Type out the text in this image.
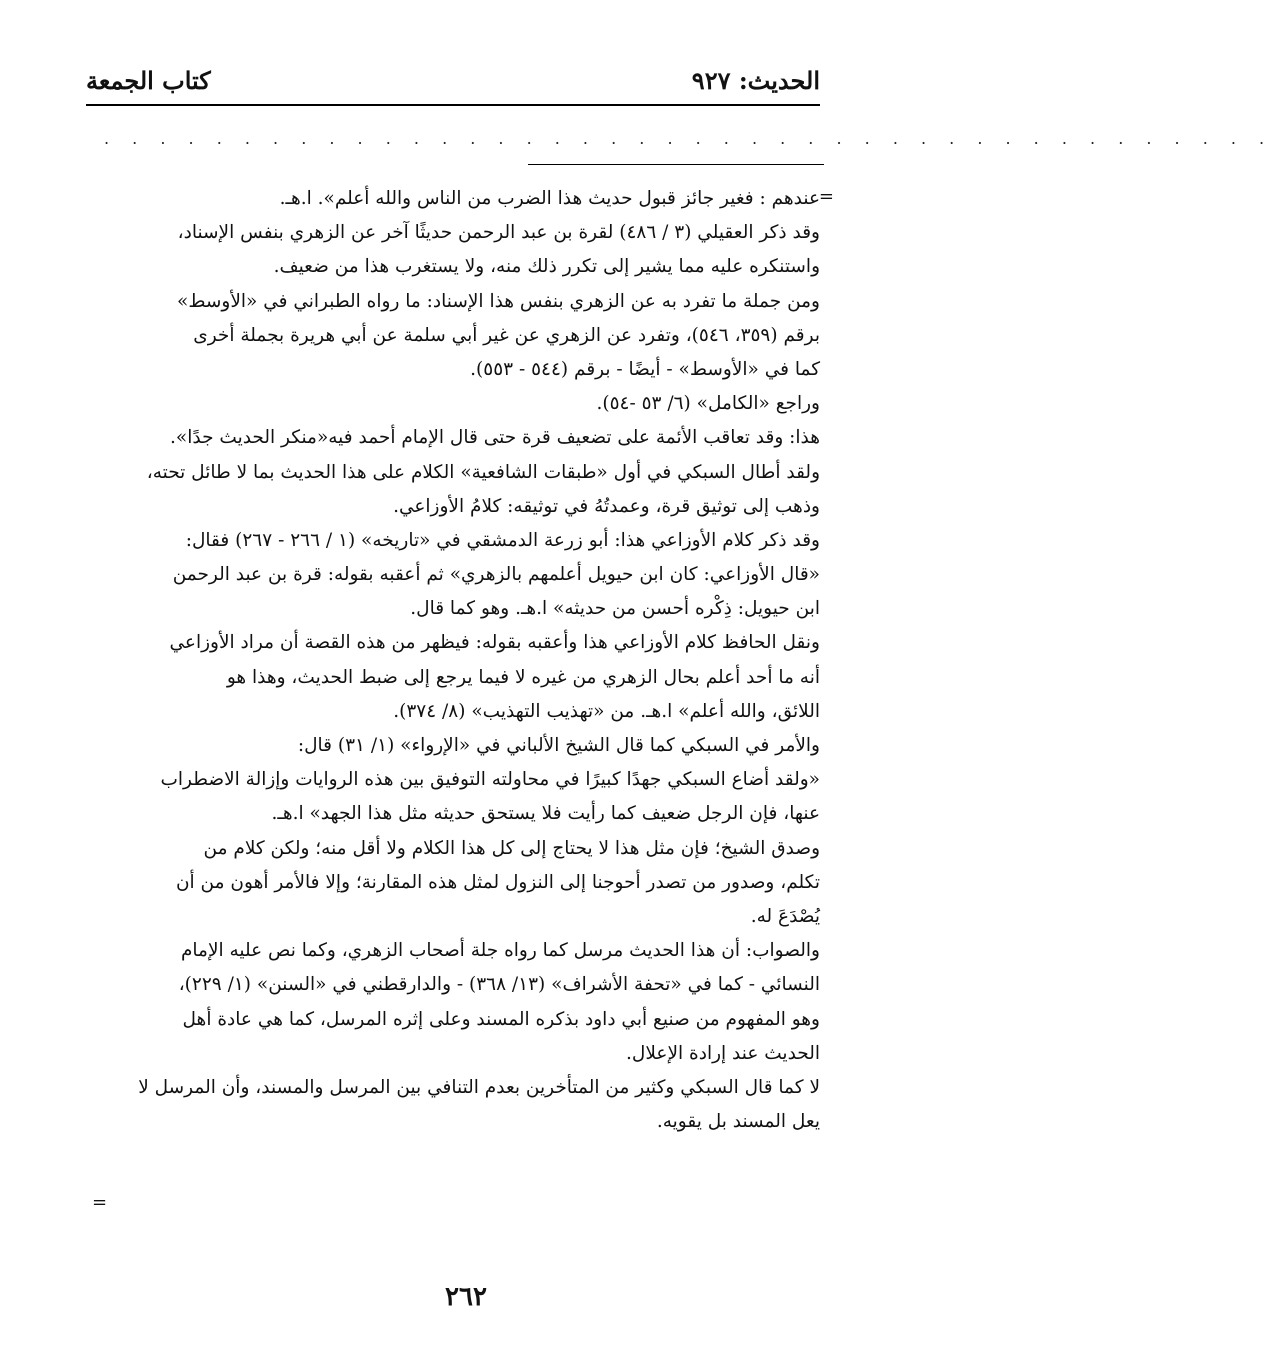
الحديث: ٩٢٧
كتاب الجمعة
. . . . . . . . . . . . . . . . . . . . . . . . . . . . . . . . . . . . . . . . . .
=
عندهم : فغير جائز قبول حديث هذا الضرب من الناس والله أعلم». ا.هـ.
وقد ذكر العقيلي (٣ / ٤٨٦) لقرة بن عبد الرحمن حديثًا آخر عن الزهري بنفس الإسناد،
واستنكره عليه مما يشير إلى تكرر ذلك منه، ولا يستغرب هذا من ضعيف.
ومن جملة ما تفرد به عن الزهري بنفس هذا الإسناد: ما رواه الطبراني في «الأوسط»
برقم (٣٥٩، ٥٤٦)، وتفرد عن الزهري عن غير أبي سلمة عن أبي هريرة بجملة أخرى
كما في «الأوسط» - أيضًا - برقم (٥٤٤ - ٥٥٣).
وراجع «الكامل» (٦/ ٥٣ -٥٤).
هذا: وقد تعاقب الأئمة على تضعيف قرة حتى قال الإمام أحمد فيه«منكر الحديث جدًا».
ولقد أطال السبكي في أول «طبقات الشافعية» الكلام على هذا الحديث بما لا طائل تحته،
وذهب إلى توثيق قرة، وعمدتُهُ في توثيقه: كلامُ الأوزاعي.
وقد ذكر كلام الأوزاعي هذا: أبو زرعة الدمشقي في «تاريخه» (١ / ٢٦٦ - ٢٦٧) فقال:
«قال الأوزاعي: كان ابن حيويل أعلمهم بالزهري» ثم أعقبه بقوله: قرة بن عبد الرحمن
ابن حيويل: ذِكْره أحسن من حديثه» ا.هـ. وهو كما قال.
ونقل الحافظ كلام الأوزاعي هذا وأعقبه بقوله: فيظهر من هذه القصة أن مراد الأوزاعي
أنه ما أحد أعلم بحال الزهري من غيره لا فيما يرجع إلى ضبط الحديث، وهذا هو
اللائق، والله أعلم» ا.هـ. من «تهذيب التهذيب» (٨/ ٣٧٤).
والأمر في السبكي كما قال الشيخ الألباني في «الإرواء» (١/ ٣١) قال:
«ولقد أضاع السبكي جهدًا كبيرًا في محاولته التوفيق بين هذه الروايات وإزالة الاضطراب
عنها، فإن الرجل ضعيف كما رأيت فلا يستحق حديثه مثل هذا الجهد» ا.هـ.
وصدق الشيخ؛ فإن مثل هذا لا يحتاج إلى كل هذا الكلام ولا أقل منه؛ ولكن كلام من
تكلم، وصدور من تصدر أحوجنا إلى النزول لمثل هذه المقارنة؛ وإلا فالأمر أهون من أن
يُصْدَعَ له.
والصواب: أن هذا الحديث مرسل كما رواه جلة أصحاب الزهري، وكما نص عليه الإمام
النسائي - كما في «تحفة الأشراف» (١٣/ ٣٦٨) - والدارقطني في «السنن» (١/ ٢٢٩)،
وهو المفهوم من صنيع أبي داود بذكره المسند وعلى إثره المرسل، كما هي عادة أهل
الحديث عند إرادة الإعلال.
لا كما قال السبكي وكثير من المتأخرين بعدم التنافي بين المرسل والمسند، وأن المرسل لا
يعل المسند بل يقويه.
=
٢٦٢
